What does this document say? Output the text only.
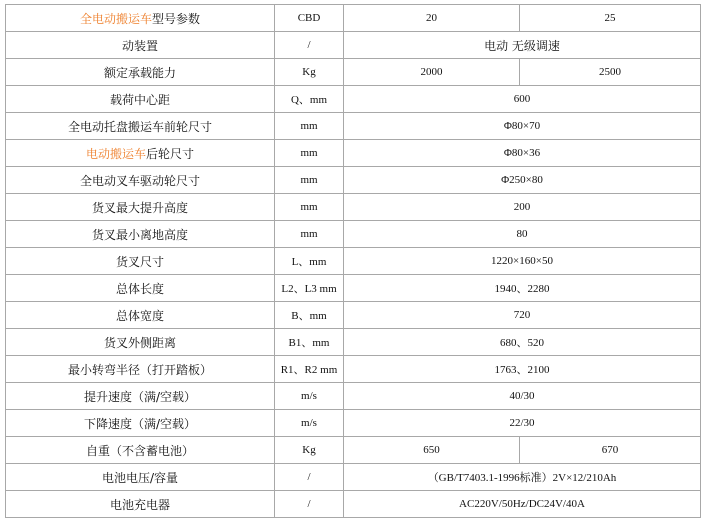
全电动搬运车型号参数	CBD	20	25
动装置	/	电动 无级调速	
额定承载能力	Kg	2000	2500
载荷中心距	Q、mm	600	
全电动托盘搬运车前轮尺寸	mm	Φ80×70	
电动搬运车后轮尺寸	mm	Φ80×36	
全电动叉车驱动轮尺寸	mm	Φ250×80	
货叉最大提升高度	mm	200	
货叉最小离地高度	mm	80	
货叉尺寸	L、mm	1220×160×50	
总体长度	L2、L3 mm	1940、2280	
总体宽度	B、mm	720	
货叉外侧距离	B1、mm	680、520	
最小转弯半径（打开踏板）	R1、R2 mm	1763、2100	
提升速度（满/空载）	m/s	40/30	
下降速度（满/空载）	m/s	22/30	
自重（不含蓄电池）	Kg	650	670
电池电压/容量	/	（GB/T7403.1-1996标准）2V×12/210Ah	
电池充电器	/	AC220V/50Hz/DC24V/40A	
